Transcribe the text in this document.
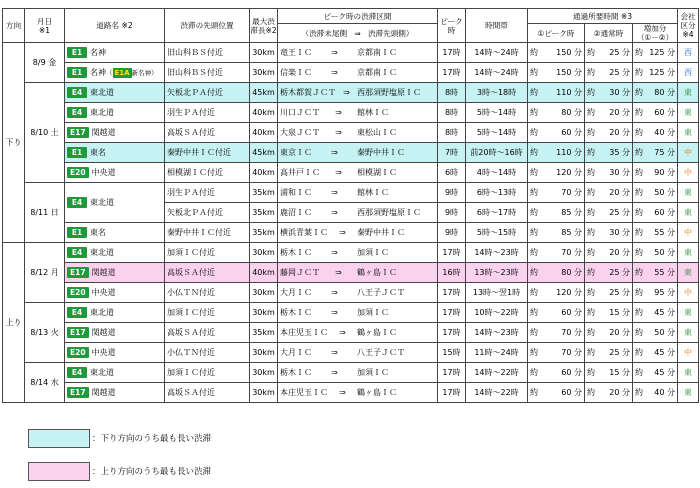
方向	月日
※1	道路名 ※2	渋滞の先頭位置	最大渋滞長※2	ピーク時の渋滞区間	ピーク時	時間帯	通過所要時間 ※3			会社区分
※4
					（渋滞末尾側 ⇒ 渋滞先頭側）			①ピーク時	②通常時	増加分
（①－②）	
下り	8/9 金	E1 名神	旧山科ＢＳ付近	30km	竜王ＩＣ ⇒ 京都南ＩＣ	17時	14時～24時	約 150 分	約 25 分	約 125 分	西
		E1 名神（ E1A 新名神）	旧山科ＢＳ付近	30km	信楽ＩＣ ⇒ 京都南ＩＣ	17時	14時～24時	約 150 分	約 25 分	約 125 分	西
	8/10 土	E4 東北道	矢板北ＰＡ付近	45km	栃木都賀ＪＣＴ ⇒ 西那須野塩原ＩＣ	8時	3時～18時	約 110 分	約 30 分	約 80 分	東
		E4 東北道	羽生ＰＡ付近	40km	川口ＪＣＴ ⇒ 館林ＩＣ	8時	5時～14時	約 80 分	約 20 分	約 60 分	東
		E17 関越道	高坂ＳＡ付近	40km	大泉ＪＣＴ ⇒ 東松山ＩＣ	8時	5時～14時	約 60 分	約 20 分	約 40 分	東
		E1 東名	秦野中井ＩＣ付近	45km	東京ＩＣ ⇒ 秦野中井ＩＣ	7時	前20時～16時	約 110 分	約 35 分	約 75 分	中
		E20 中央道	相模湖ＩＣ付近	40km	高井戸ＩＣ ⇒ 相模湖ＩＣ	6時	4時～14時	約 120 分	約 30 分	約 90 分	中
	8/11 日	E4 東北道	羽生ＰＡ付近	35km	浦和ＩＣ ⇒ 館林ＩＣ	9時	6時～13時	約 70 分	約 20 分	約 50 分	東
			矢板北ＰＡ付近	35km	鹿沼ＩＣ ⇒ 西那須野塩原ＩＣ	9時	6時～17時	約 85 分	約 25 分	約 60 分	東
		E1 東名	秦野中井ＩＣ付近	35km	横浜青葉ＩＣ ⇒ 秦野中井ＩＣ	9時	5時～15時	約 85 分	約 30 分	約 55 分	中
上り	8/12 月	E4 東北道	加須ＩＣ付近	30km	栃木ＩＣ ⇒ 加須ＩＣ	17時	14時～23時	約 70 分	約 20 分	約 50 分	東
		E17 関越道	高坂ＳＡ付近	40km	藤岡ＪＣＴ ⇒ 鶴ヶ島ＩＣ	16時	13時～23時	約 80 分	約 25 分	約 55 分	東
		E20 中央道	小仏ＴＮ付近	30km	大月ＩＣ ⇒ 八王子ＪＣＴ	17時	13時～翌1時	約 120 分	約 25 分	約 95 分	中
	8/13 火	E4 東北道	加須ＩＣ付近	30km	栃木ＩＣ ⇒ 加須ＩＣ	17時	10時～22時	約 60 分	約 15 分	約 45 分	東
		E17 関越道	高坂ＳＡ付近	35km	本庄児玉ＩＣ ⇒ 鶴ヶ島ＩＣ	17時	14時～23時	約 70 分	約 20 分	約 50 分	東
		E20 中央道	小仏ＴＮ付近	30km	大月ＩＣ ⇒ 八王子ＪＣＴ	15時	11時～24時	約 70 分	約 25 分	約 45 分	中
	8/14 水	E4 東北道	加須ＩＣ付近	30km	栃木ＩＣ ⇒ 加須ＩＣ	17時	14時～22時	約 60 分	約 15 分	約 45 分	東
		E17 関越道	高坂ＳＡ付近	30km	本庄児玉ＩＣ ⇒ 鶴ヶ島ＩＣ	17時	14時～22時	約 60 分	約 20 分	約 40 分	東
：下り方向のうち最も長い渋滞
：上り方向のうち最も長い渋滞
